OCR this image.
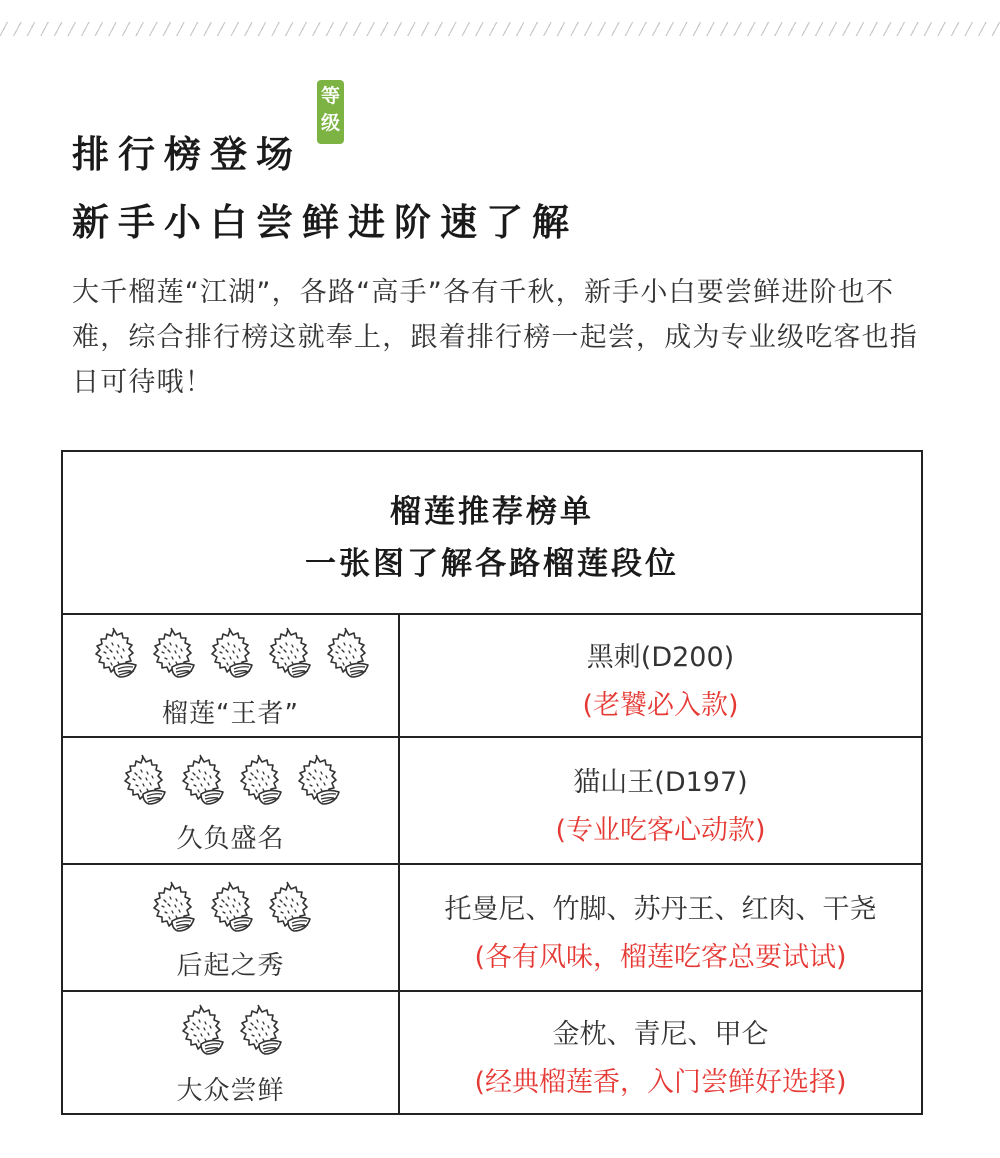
排行榜登场
等级
新手小白尝鲜进阶速了解
大千榴莲“江湖”，各路“高手”各有千秋，新手小白要尝鲜进阶也不难，综合排行榜这就奉上，跟着排行榜一起尝，成为专业级吃客也指日可待哦！
榴莲推荐榜单
一张图了解各路榴莲段位
榴莲“王者”
黑刺(D200)
(老饕必入款)
久负盛名
猫山王(D197)
(专业吃客心动款)
后起之秀
托曼尼、竹脚、苏丹王、红肉、干尧
(各有风味，榴莲吃客总要试试)
大众尝鲜
金枕、青尼、甲仑
(经典榴莲香，入门尝鲜好选择)
